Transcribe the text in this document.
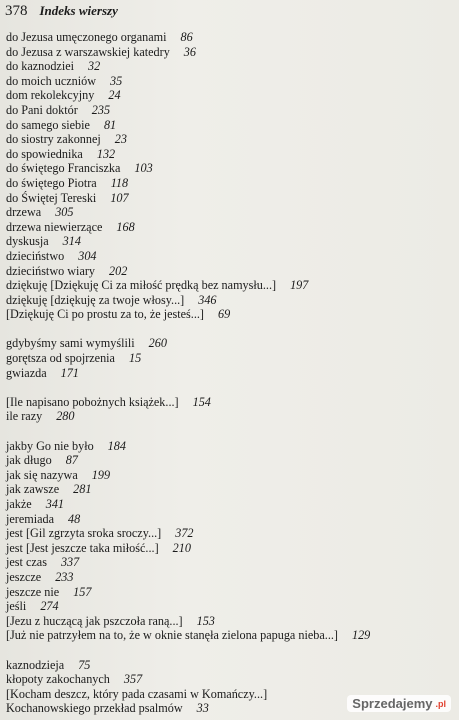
378 Indeks wierszy
do Jezusa umęczonego organami 86
do Jezusa z warszawskiej katedry 36
do kaznodziei 32
do moich uczniów 35
dom rekolekcyjny 24
do Pani doktór 235
do samego siebie 81
do siostry zakonnej 23
do spowiednika 132
do świętego Franciszka 103
do świętego Piotra 118
do Świętej Tereski 107
drzewa 305
drzewa niewierzące 168
dyskusja 314
dzieciństwo 304
dzieciństwo wiary 202
dziękuję [Dziękuję Ci za miłość prędką bez namysłu...] 197
dziękuję [dziękuję za twoje włosy...] 346
[Dziękuję Ci po prostu za to, że jesteś...] 69
gdybyśmy sami wymyślili 260
gorętsza od spojrzenia 15
gwiazda 171
[Ile napisano pobożnych książek...] 154
ile razy 280
jakby Go nie było 184
jak długo 87
jak się nazywa 199
jak zawsze 281
jakże 341
jeremiada 48
jest [Gil zgrzyta sroka sroczy...] 372
jest [Jest jeszcze taka miłość...] 210
jest czas 337
jeszcze 233
jeszcze nie 157
jeśli 274
[Jezu z huczącą jak pszczoła raną...] 153
[Już nie patrzyłem na to, że w oknie stanęła zielona papuga nieba...] 129
kaznodzieja 75
kłopoty zakochanych 357
[Kocham deszcz, który pada czasami w Komańczy...]
Kochanowskiego przekład psalmów 33	Sprzedajemy .pl
